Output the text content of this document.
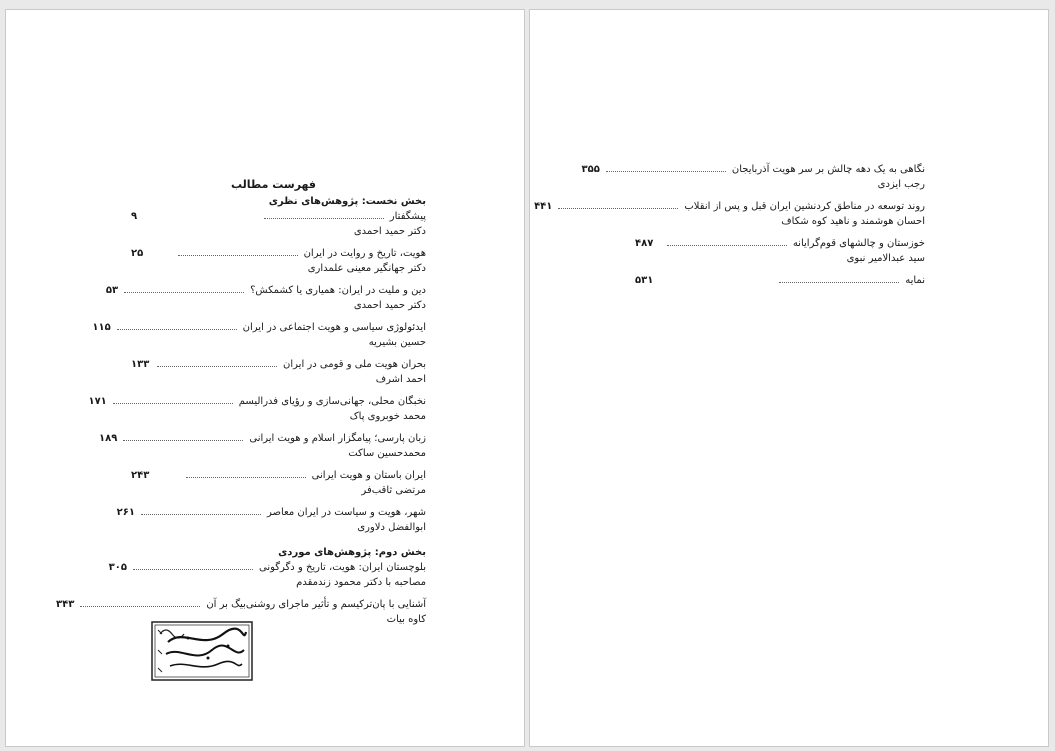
فهرست مطالب
بخش نخست: پژوهش‌های نظری
پیشگفتار
۹
دکتر حمید احمدی
هویت، تاریخ و روایت در ایران
۲۵
دکتر جهانگیر معینی علمداری
دین و ملیت در ایران: همیاری یا کشمکش؟
۵۳
دکتر حمید احمدی
ایدئولوژی سیاسی و هویت اجتماعی در ایران
۱۱۵
حسین بشیریه
بحران هویت ملی و قومی در ایران
۱۳۳
احمد اشرف
نخبگان محلی، جهانی‌سازی و رؤیای فدرالیسم
۱۷۱
محمد خوبروی پاک
زبان پارسی؛ پیامگزار اسلام و هویت ایرانی
۱۸۹
محمدحسین ساکت
ایران باستان و هویت ایرانی
۲۴۳
مرتضی ثاقب‌فر
شهر، هویت و سیاست در ایران معاصر
۲۶۱
ابوالفضل دلاوری
بخش دوم: پژوهش‌های موردی
بلوچستان ایران: هویت، تاریخ و دگرگونی
۳۰۵
مصاحبه با دکتر محمود زندمقدم
آشنایی با پان‌ترکیسم و تأثیر ماجرای روشنی‌بیگ بر آن
۳۴۳
کاوه بیات
نگاهی به یک دهه چالش بر سر هویت آذربایجان
۳۵۵
رجب ایزدی
روند توسعه در مناطق کردنشین ایران قبل و پس از انقلاب
۴۴۱
احسان هوشمند و ناهید کوه شکاف
خوزستان و چالشهای قوم‌گرایانه
۴۸۷
سید عبدالامیر نبوی
نمایه
۵۳۱
